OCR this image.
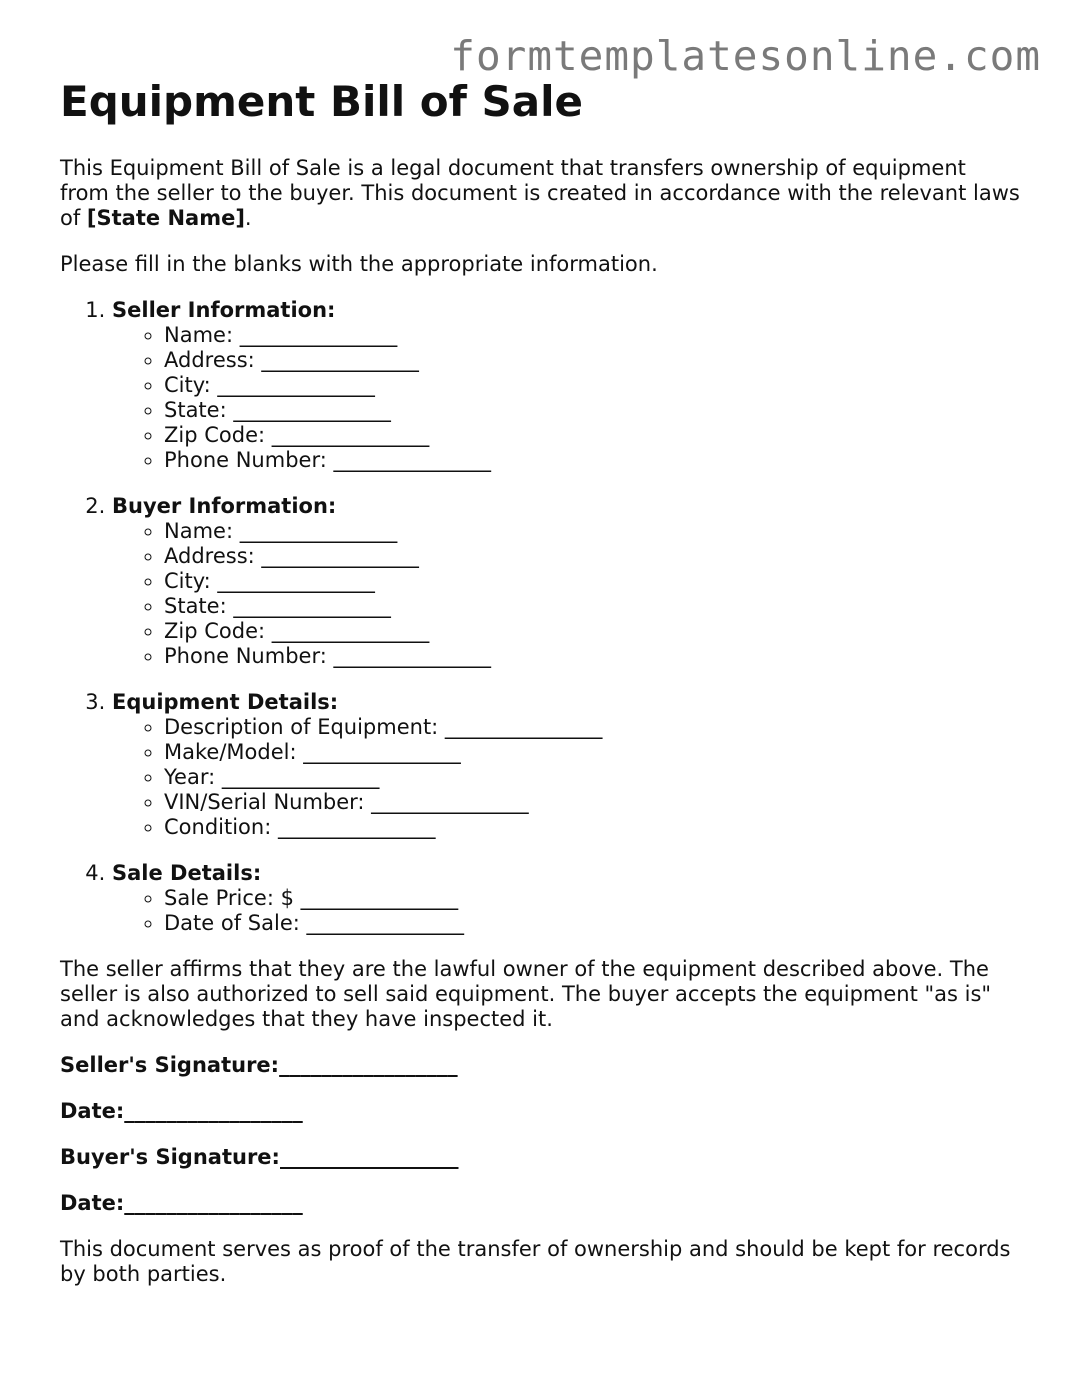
formtemplatesonline.com
Equipment Bill of Sale

This Equipment Bill of Sale is a legal document that transfers ownership of equipment from the seller to the buyer. This document is created in accordance with the relevant laws of [State Name].

Please fill in the blanks with the appropriate information.

1. Seller Information:
◦ Name: _______________
◦ Address: _______________
◦ City: _______________
◦ State: _______________
◦ Zip Code: _______________
◦ Phone Number: _______________
2. Buyer Information:
◦ Name: _______________
◦ Address: _______________
◦ City: _______________
◦ State: _______________
◦ Zip Code: _______________
◦ Phone Number: _______________
3. Equipment Details:
◦ Description of Equipment: _______________
◦ Make/Model: _______________
◦ Year: _______________
◦ VIN/Serial Number: _______________
◦ Condition: _______________
4. Sale Details:
◦ Sale Price: $ _______________
◦ Date of Sale: _______________

The seller affirms that they are the lawful owner of the equipment described above. The seller is also authorized to sell said equipment. The buyer accepts the equipment "as is" and acknowledges that they have inspected it.

Seller's Signature:_________________
Date:_________________
Buyer's Signature:_________________
Date:_________________

This document serves as proof of the transfer of ownership and should be kept for records by both parties.
